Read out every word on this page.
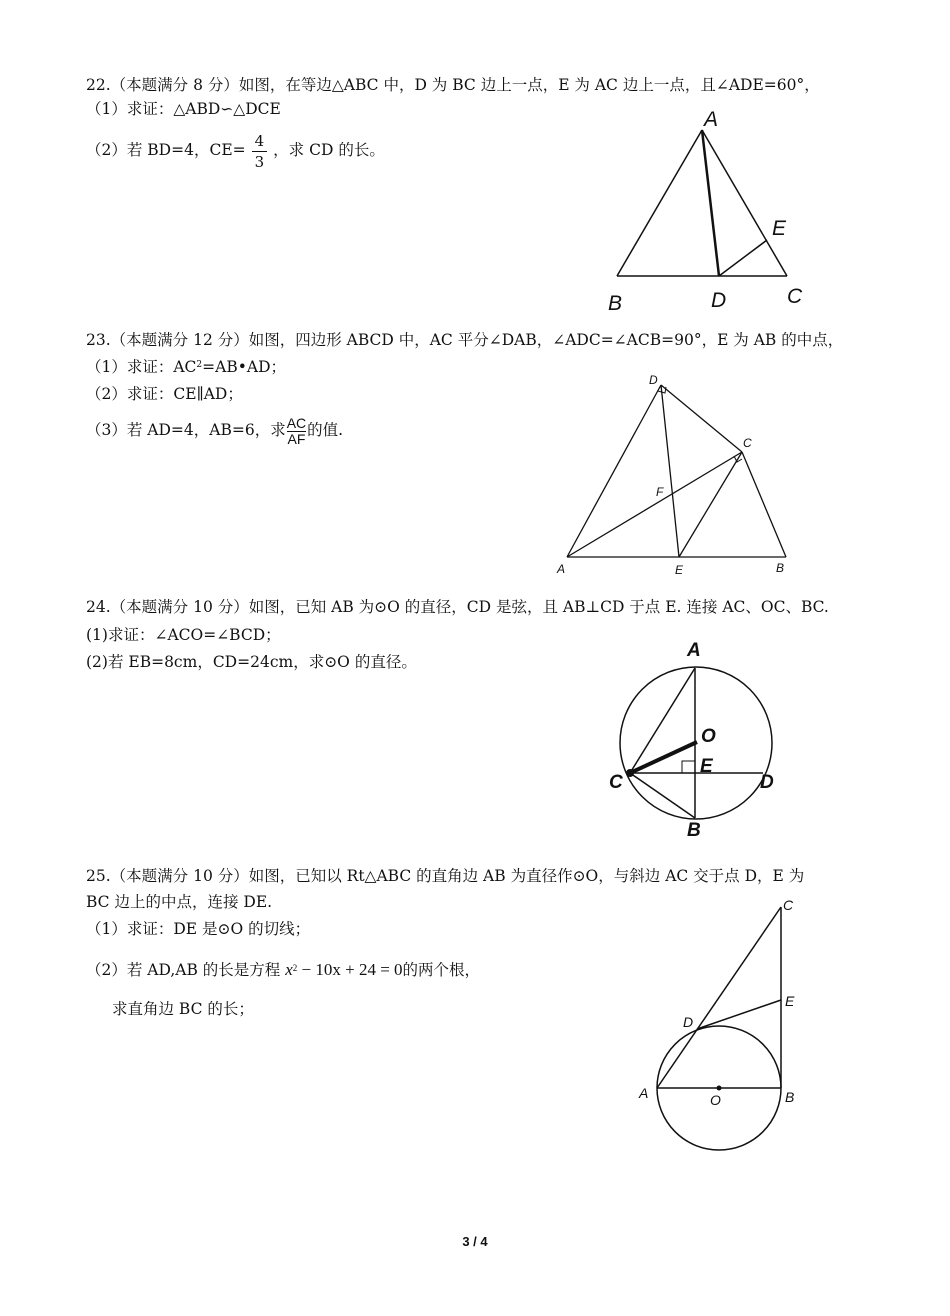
22.（本题满分 8 分）如图，在等边△ABC 中，D 为 BC 边上一点，E 为 AC 边上一点，且∠ADE=60°，
（1）求证：△ABD∽△DCE
（2）若 BD=4，$CE= \frac{4}{3}$ ，求 CD 的长。
A
B	C
D
E
23.（本题满分 12 分）如图，四边形 ABCD 中，AC 平分∠DAB，∠ADC=∠ACB=90°，E 为 AB 的中点，
（1）求证：$AC^2=AB•AD$；
（2）求证：CE∥AD；
（3）若 AD=4，AB=6，求 $\frac{AC}{AF}$ 的值.
D
C
F
A	E	B
24.（本题满分 10 分）如图，已知 AB 为⊙O 的直径，CD 是弦，且 AB⊥CD 于点 E. 连接 AC、OC、BC.
(1)求证：∠ACO=∠BCD；
(2)若 EB=8cm，CD=24cm，求⊙O 的直径。
A
O
E
C	D
B
25.（本题满分 10 分）如图，已知以 Rt△ABC 的直角边 AB 为直径作⊙O，与斜边 AC 交于点 D，E 为
BC 边上的中点，连接 DE.
（1）求证：DE 是⊙O 的切线；
（2）若 AD,AB 的长是方程 $x^2 - 10x + 24 = 0$的两个根，
求直角边 BC 的长；
C
E
D
A	O	B
3 / 4
